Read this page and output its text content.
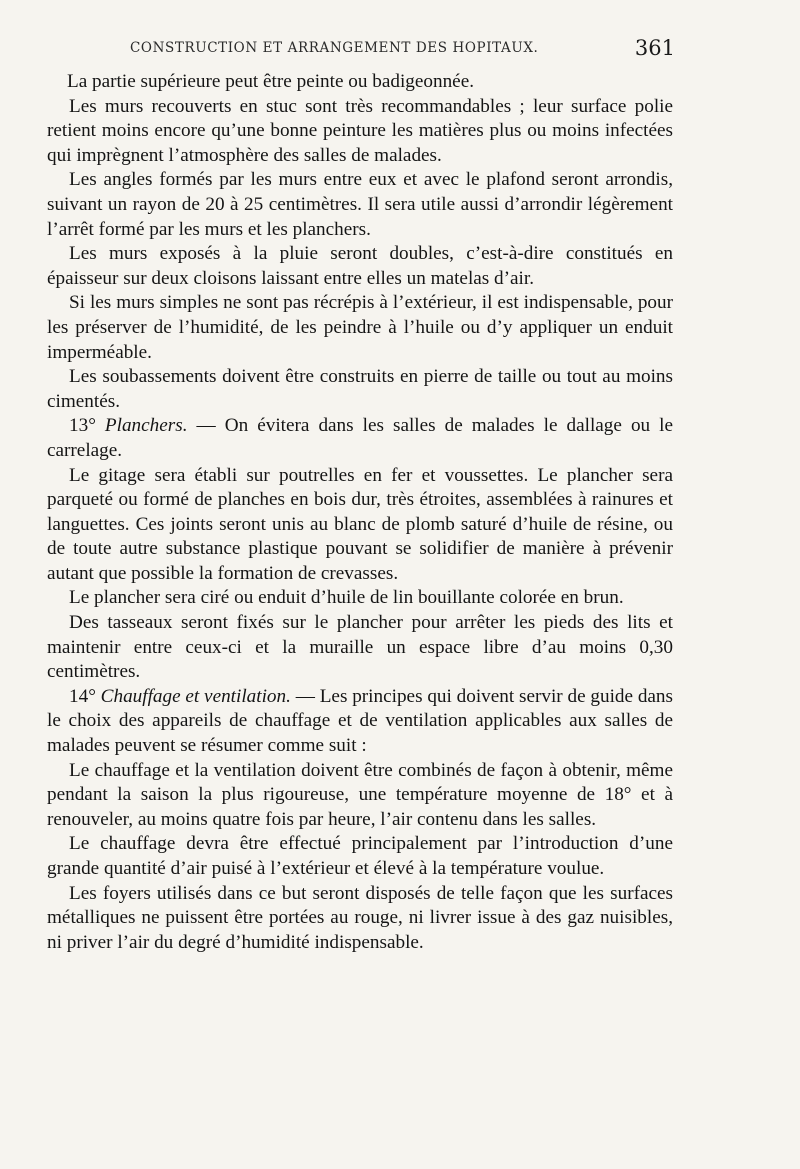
CONSTRUCTION ET ARRANGEMENT DES HOPITAUX.	361

La partie supérieure peut être peinte ou badigeonnée.

Les murs recouverts en stuc sont très recommandables ; leur surface polie retient moins encore qu’une bonne peinture les matières plus ou moins infectées qui imprègnent l’atmosphère des salles de malades.

Les angles formés par les murs entre eux et avec le plafond seront arrondis, suivant un rayon de 20 à 25 centimètres. Il sera utile aussi d’arrondir légèrement l’arrêt formé par les murs et les planchers.

Les murs exposés à la pluie seront doubles, c’est-à-dire constitués en épaisseur sur deux cloisons laissant entre elles un matelas d’air.

Si les murs simples ne sont pas récrépis à l’extérieur, il est indispensable, pour les préserver de l’humidité, de les peindre à l’huile ou d’y appliquer un enduit imperméable.

Les soubassements doivent être construits en pierre de taille ou tout au moins cimentés.

13° Planchers. — On évitera dans les salles de malades le dallage ou le carrelage.

Le gitage sera établi sur poutrelles en fer et voussettes. Le plancher sera parqueté ou formé de planches en bois dur, très étroites, assemblées à rainures et languettes. Ces joints seront unis au blanc de plomb saturé d’huile de résine, ou de toute autre substance plastique pouvant se solidifier de manière à prévenir autant que possible la formation de crevasses.

Le plancher sera ciré ou enduit d’huile de lin bouillante colorée en brun.

Des tasseaux seront fixés sur le plancher pour arrêter les pieds des lits et maintenir entre ceux-ci et la muraille un espace libre d’au moins 0,30 centimètres.

14° Chauffage et ventilation. — Les principes qui doivent servir de guide dans le choix des appareils de chauffage et de ventilation applicables aux salles de malades peuvent se résumer comme suit :

Le chauffage et la ventilation doivent être combinés de façon à obtenir, même pendant la saison la plus rigoureuse, une température moyenne de 18° et à renouveler, au moins quatre fois par heure, l’air contenu dans les salles.

Le chauffage devra être effectué principalement par l’introduction d’une grande quantité d’air puisé à l’extérieur et élevé à la température voulue.

Les foyers utilisés dans ce but seront disposés de telle façon que les surfaces métalliques ne puissent être portées au rouge, ni livrer issue à des gaz nuisibles, ni priver l’air du degré d’humidité indispensable.
